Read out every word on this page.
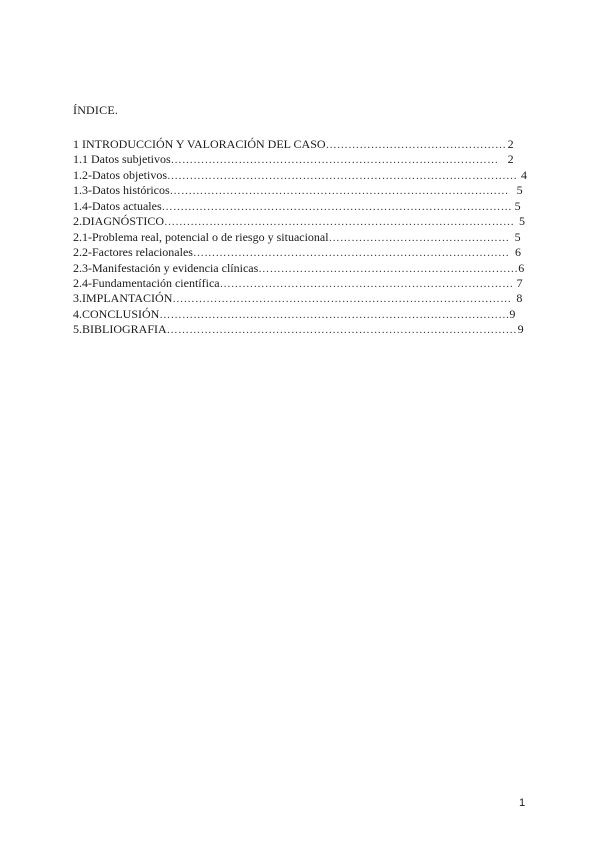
ÍNDICE.
1 INTRODUCCIÓN Y VALORACIÓN DEL CASO ………………………………………… 2
1.1 Datos subjetivos …………………………………………………………………………… 2
1.2-Datos objetivos ………………………………………………………………………………… 4
1.3-Datos históricos ……………………………………………………………………………… 5
1.4-Datos actuales ………………………………………………………………………………… 5
2.DIAGNÓSTICO ………………………………………………………………………………… 5
2.1-Problema real, potencial o de riesgo y situacional ………………………………………… 5
2.2-Factores relacionales ………………………………………………………………………… 6
2.3-Manifestación y evidencia clínicas …………………………………………………………… 6
2.4-Fundamentación científica …………………………………………………………………… 7
3.IMPLANTACIÓN ……………………………………………………………………………… 8
4.CONCLUSIÓN ………………………………………………………………………………… 9
5.BIBLIOGRAFIA ………………………………………………………………………………… 9
1
